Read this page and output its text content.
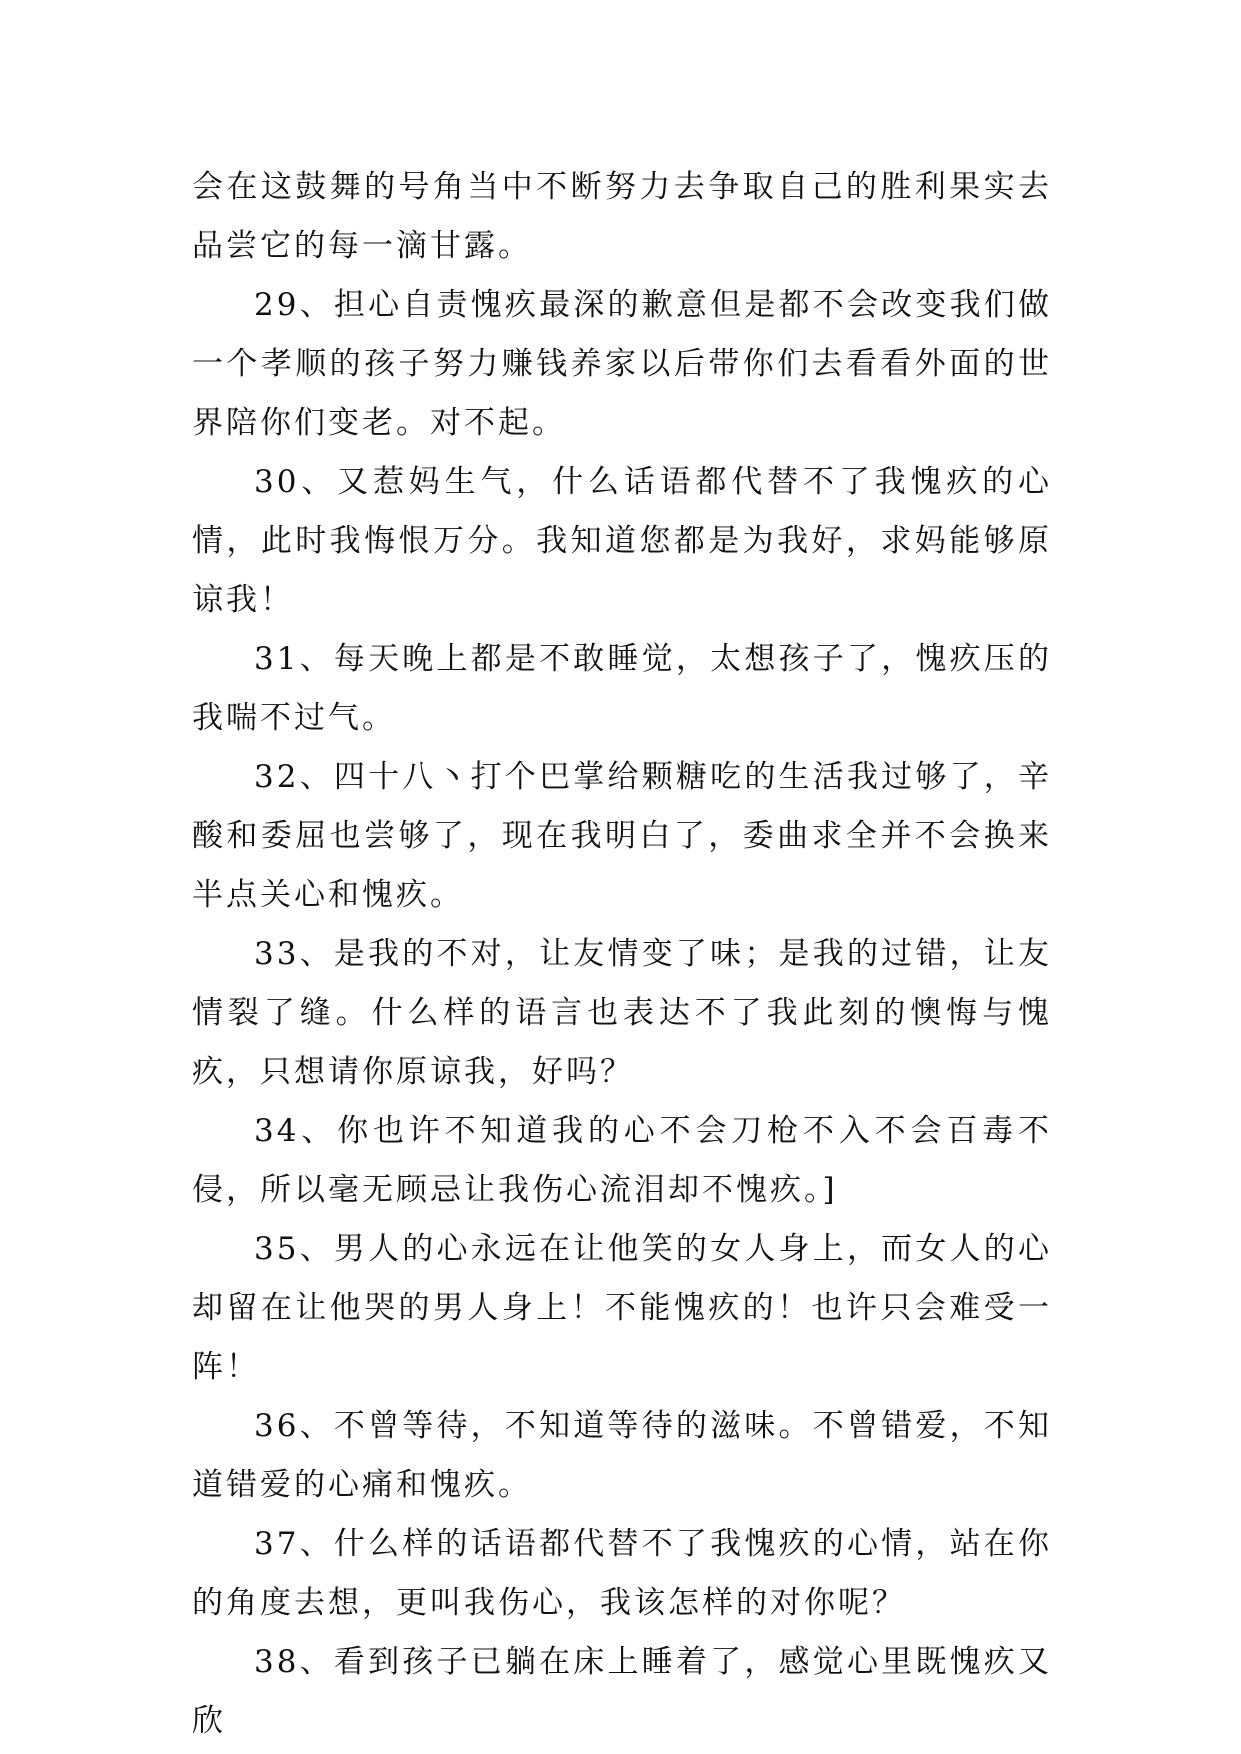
会在这鼓舞的号角当中不断努力去争取自己的胜利果实去品尝它的每一滴甘露。

29、担心自责愧疚最深的歉意但是都不会改变我们做一个孝顺的孩子努力赚钱养家以后带你们去看看外面的世界陪你们变老。对不起。

30、又惹妈生气，什么话语都代替不了我愧疚的心情，此时我悔恨万分。我知道您都是为我好，求妈能够原谅我！

31、每天晚上都是不敢睡觉，太想孩子了，愧疚压的我喘不过气。

32、四十八丶打个巴掌给颗糖吃的生活我过够了，辛酸和委屈也尝够了，现在我明白了，委曲求全并不会换来半点关心和愧疚。

33、是我的不对，让友情变了味；是我的过错，让友情裂了缝。什么样的语言也表达不了我此刻的懊悔与愧疚，只想请你原谅我，好吗？

34、你也许不知道我的心不会刀枪不入不会百毒不侵，所以毫无顾忌让我伤心流泪却不愧疚。]

35、男人的心永远在让他笑的女人身上，而女人的心却留在让他哭的男人身上！不能愧疚的！也许只会难受一阵！

36、不曾等待，不知道等待的滋味。不曾错爱，不知道错爱的心痛和愧疚。

37、什么样的话语都代替不了我愧疚的心情，站在你的角度去想，更叫我伤心，我该怎样的对你呢？

38、看到孩子已躺在床上睡着了，感觉心里既愧疚又欣
